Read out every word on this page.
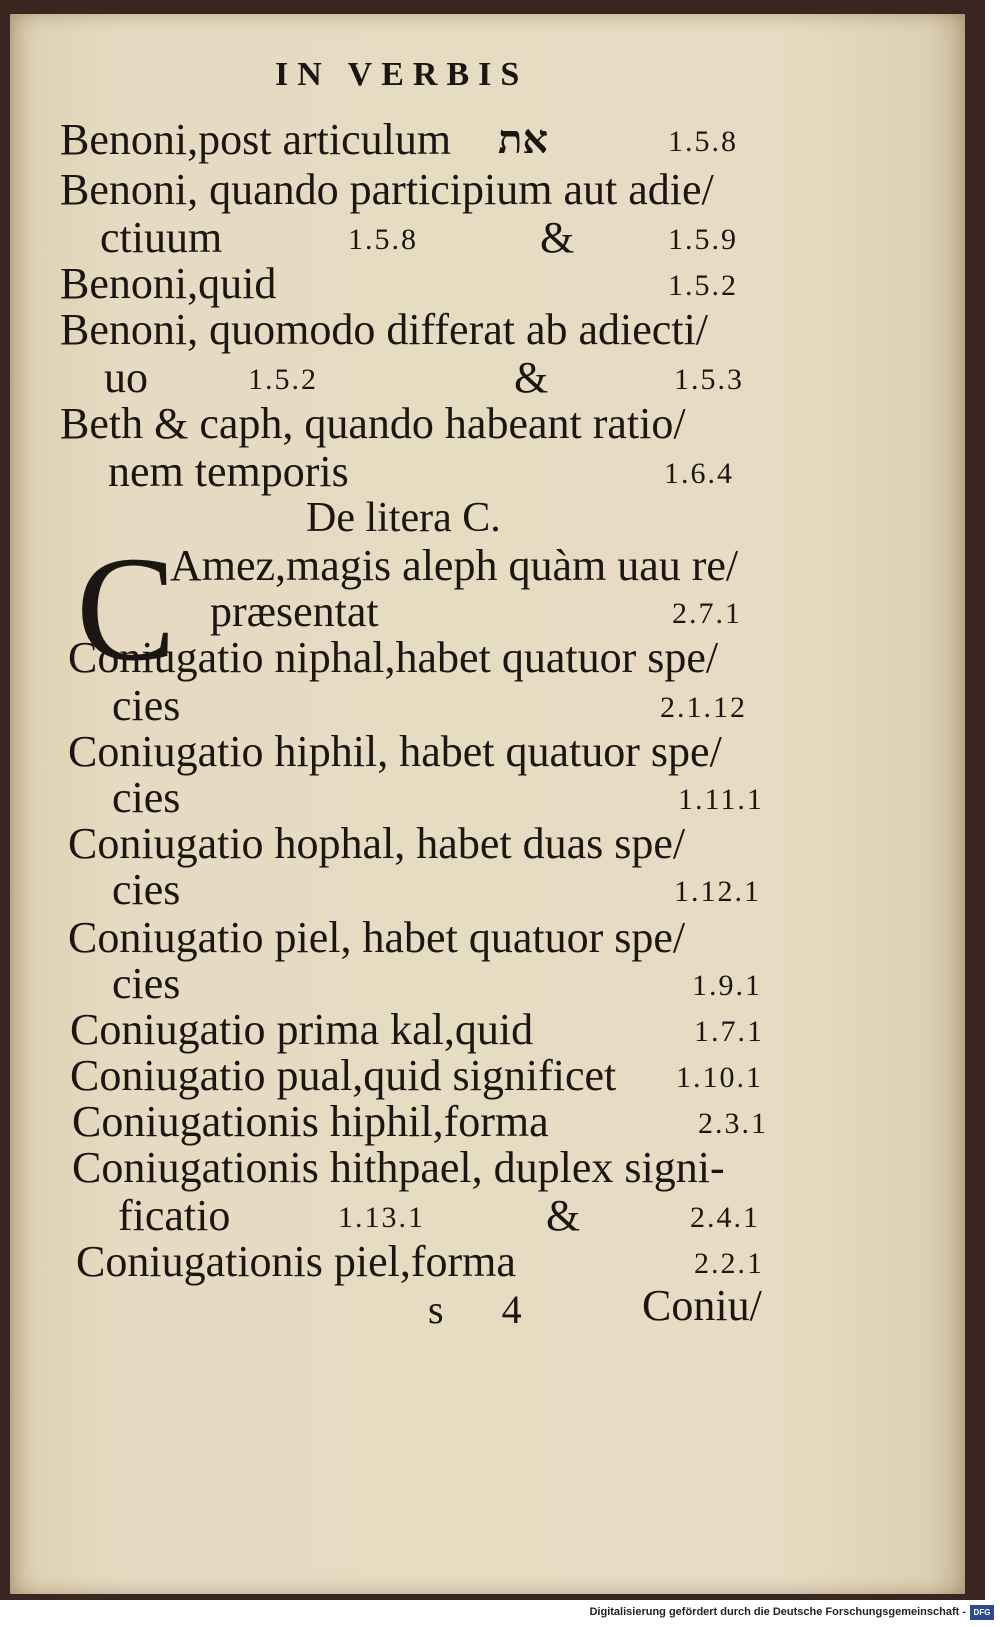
IN VERBIS
Benoni,post articulum את	1.5.8
Benoni, quando participium aut adie/
ctiuum	1.5.8	&	1.5.9
Benoni,quid	1.5.2
Benoni, quomodo differat ab adiecti/
uo	1.5.2	&	1.5.3
Beth & caph, quando habeant ratio/
nem temporis	1.6.4
De litera C.
C
Amez,magis aleph quàm uau re/
præsentat	2.7.1
Coniugatio niphal,habet quatuor spe/
cies	2.1.12
Coniugatio hiphil, habet quatuor spe/
cies	1.11.1
Coniugatio hophal, habet duas spe/
cies	1.12.1
Coniugatio piel, habet quatuor spe/
cies	1.9.1
Coniugatio prima kal,quid	1.7.1
Coniugatio pual,quid significet 1.10.1
Coniugationis hiphil,forma	2.3.1
Coniugationis hithpael, duplex signi-
ficatio	1.13.1	&	2.4.1
Coniugationis piel,forma	2.2.1
s 4 Coniu/
Digitalisierung gefördert durch die Deutsche Forschungsgemeinschaft - DFG
